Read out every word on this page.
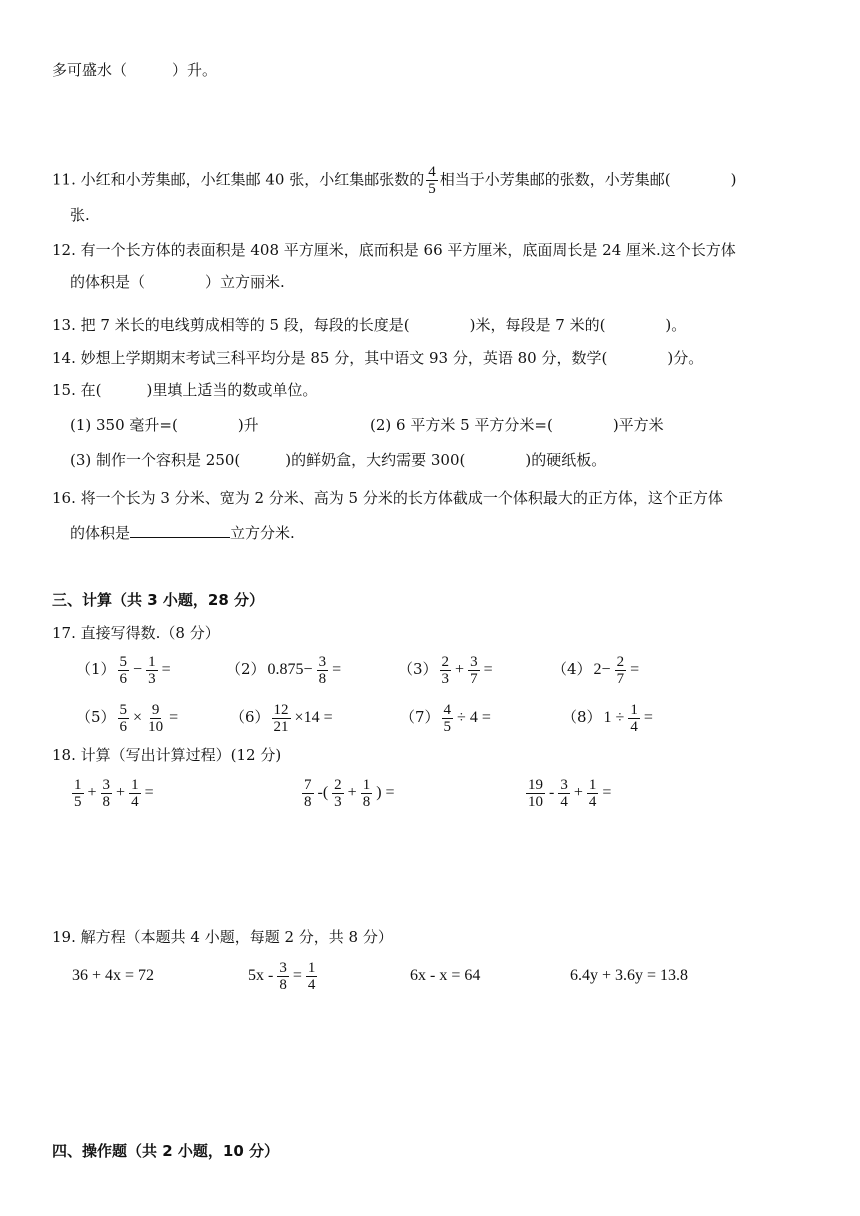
多可盛水（　　　）升。
11. 小红和小芳集邮，小红集邮 40 张，小红集邮张数的 $\frac{4}{5}$ 相当于小芳集邮的张数，小芳集邮(　　　　)
张.
12. 有一个长方体的表面积是 408 平方厘米，底而积是 66 平方厘米，底面周长是 24 厘米.这个长方体
的体积是（　　　　）立方丽米.
13. 把 7 米长的电线剪成相等的 5 段，每段的长度是(　　　　)米，每段是 7 米的(　　　　)。
14. 妙想上学期期末考试三科平均分是 85 分，其中语文 93 分，英语 80 分，数学(　　　　)分。
15. 在(　　　)里填上适当的数或单位。
(1) 350 毫升=(　　　　)升	(2) 6 平方米 5 平方分米=(　　　　)平方米
(3) 制作一个容积是 250(　　　)的鲜奶盒，大约需要 300(　　　　)的硬纸板。
16. 将一个长为 3 分米、宽为 2 分米、高为 5 分米的长方体截成一个体积最大的正方体，这个正方体
的体积是	立方分米.
三、计算（共 3 小题，28 分）
17. 直接写得数.（8 分）
$(1) \frac{5}{6} - \frac{1}{3}$ =	（2） $0.875- \frac{3}{8}$ =	$(3) \frac{2}{3} + \frac{3}{7}$ =	（4） $2- \frac{2}{7}$ =
$(5) \frac{5}{6} \times \frac{9}{10}$ =	$(6) \frac{12}{21} \times 14$ =	$(7) \frac{4}{5} \div 4$ =	（8） $1 \div \frac{1}{4}$ =
18. 计算（写出计算过程）(12 分)
$\frac{1}{5} + \frac{3}{8} + \frac{1}{4}$ =	$\frac{7}{8}$ -( $\frac{2}{3} + \frac{1}{8}$ ) =	$\frac{19}{10} - \frac{3}{4} + \frac{1}{4}$ =
19. 解方程（本题共 4 小题，每题 2 分，共 8 分）
36 + 4x = 72	$5x - \frac{3}{8} = \frac{1}{4}$	6x - x = 64	6.4y + 3.6y = 13.8
四、操作题（共 2 小题，10 分）
